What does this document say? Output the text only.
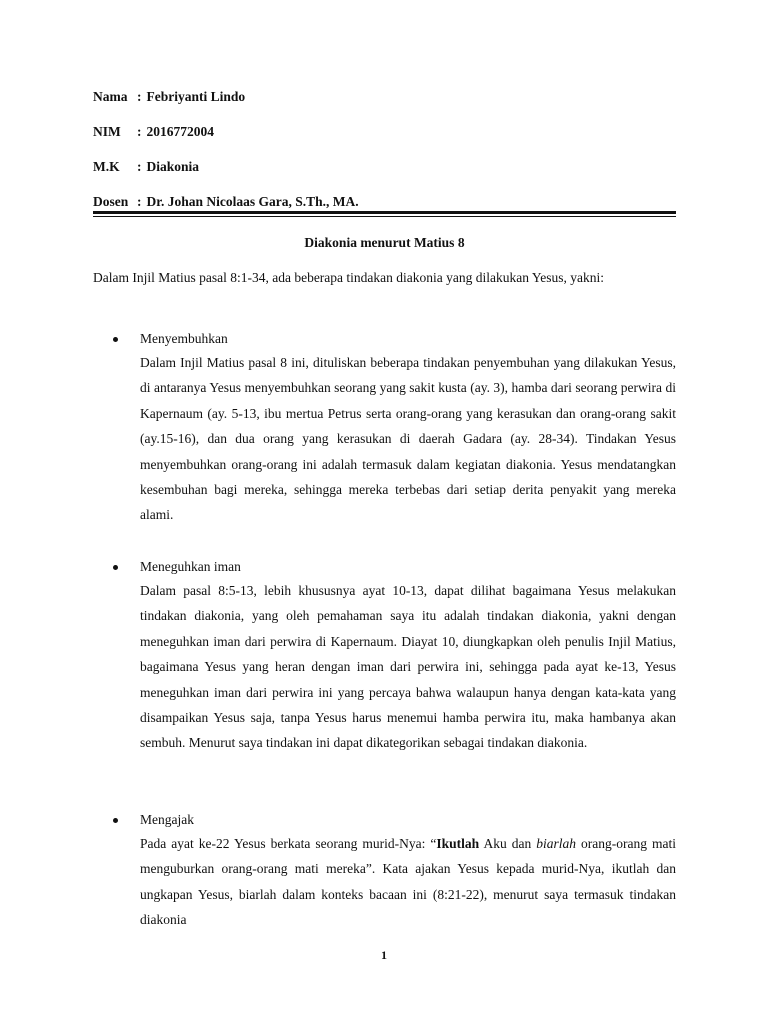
Nama : Febriyanti Lindo
NIM : 2016772004
M.K : Diakonia
Dosen : Dr. Johan Nicolaas Gara, S.Th., MA.
Diakonia menurut Matius 8

Dalam Injil Matius pasal 8:1-34, ada beberapa tindakan diakonia yang dilakukan Yesus, yakni:

Menyembuhkan

Dalam Injil Matius pasal 8 ini, dituliskan beberapa tindakan penyembuhan yang dilakukan Yesus, di antaranya Yesus menyembuhkan seorang yang sakit kusta (ay. 3), hamba dari seorang perwira di Kapernaum (ay. 5-13, ibu mertua Petrus serta orang-orang yang kerasukan dan orang-orang sakit (ay.15-16), dan dua orang yang kerasukan di daerah Gadara (ay. 28-34). Tindakan Yesus menyembuhkan orang-orang ini adalah termasuk dalam kegiatan diakonia. Yesus mendatangkan kesembuhan bagi mereka, sehingga mereka terbebas dari setiap derita penyakit yang mereka alami.

Meneguhkan iman

Dalam pasal 8:5-13, lebih khususnya ayat 10-13, dapat dilihat bagaimana Yesus melakukan tindakan diakonia, yang oleh pemahaman saya itu adalah tindakan diakonia, yakni dengan meneguhkan iman dari perwira di Kapernaum. Diayat 10, diungkapkan oleh penulis Injil Matius, bagaimana Yesus yang heran dengan iman dari perwira ini, sehingga pada ayat ke-13, Yesus meneguhkan iman dari perwira ini yang percaya bahwa walaupun hanya dengan kata-kata yang disampaikan Yesus saja, tanpa Yesus harus menemui hamba perwira itu, maka hambanya akan sembuh. Menurut saya tindakan ini dapat dikategorikan sebagai tindakan diakonia.

Mengajak

Pada ayat ke-22 Yesus berkata seorang murid-Nya: “Ikutlah Aku dan biarlah orang-orang mati menguburkan orang-orang mati mereka”. Kata ajakan Yesus kepada murid-Nya, ikutlah dan ungkapan Yesus, biarlah dalam konteks bacaan ini (8:21-22), menurut saya termasuk tindakan diakonia

1
